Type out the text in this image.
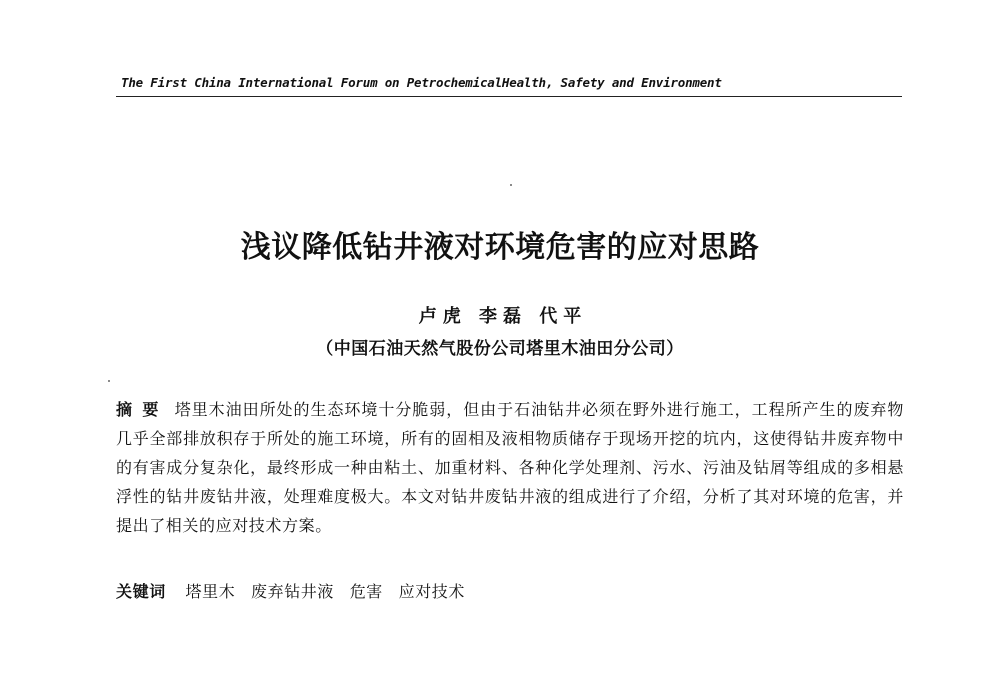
The First China International Forum on PetrochemicalHealth, Safety and Environment
浅议降低钻井液对环境危害的应对思路
卢虎 李磊 代平
（中国石油天然气股份公司塔里木油田分公司）
摘要 塔里木油田所处的生态环境十分脆弱，但由于石油钻井必须在野外进行施工，工程所产生的废弃物几乎全部排放积存于所处的施工环境，所有的固相及液相物质储存于现场开挖的坑内，这使得钻井废弃物中的有害成分复杂化，最终形成一种由粘土、加重材料、各种化学处理剂、污水、污油及钻屑等组成的多相悬浮性的钻井废钻井液，处理难度极大。本文对钻井废钻井液的组成进行了介绍，分析了其对环境的危害，并提出了相关的应对技术方案。
关键词 塔里木 废弃钻井液 危害 应对技术
